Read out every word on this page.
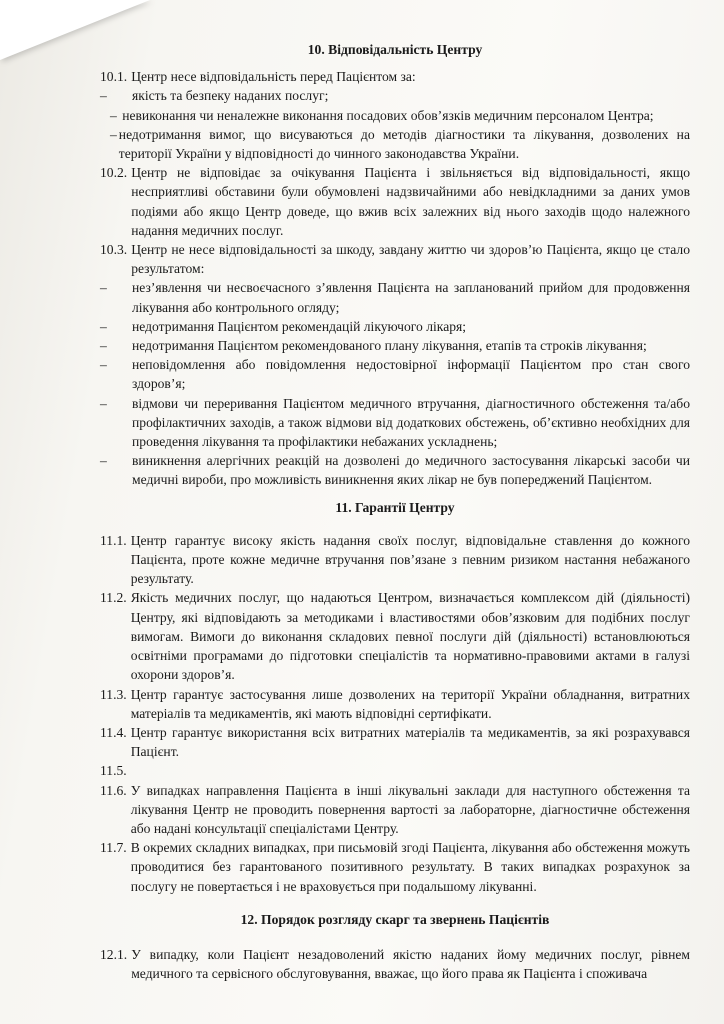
10. Відповідальність Центру
10.1. Центр несе відповідальність перед Пацієнтом за:
–	якість та безпеку наданих послуг;
– невиконання чи неналежне виконання посадових обов’язків медичним персоналом Центра;
– недотримання вимог, що висуваються до методів діагностики та лікування, дозволених на території України у відповідності до чинного законодавства України.
10.2. Центр не відповідає за очікування Пацієнта і звільняється від відповідальності, якщо несприятливі обставини були обумовлені надзвичайними або невідкладними за даних умов подіями або якщо Центр доведе, що вжив всіх залежних від нього заходів щодо належного надання медичних послуг.
10.3. Центр не несе відповідальності за шкоду, завдану життю чи здоров’ю Пацієнта, якщо це стало результатом:
–	нез’явлення чи несвоєчасного з’явлення Пацієнта на запланований прийом для продовження лікування або контрольного огляду;
–	недотримання Пацієнтом рекомендацій лікуючого лікаря;
–	недотримання Пацієнтом рекомендованого плану лікування, етапів та строків лікування;
–	неповідомлення або повідомлення недостовірної інформації Пацієнтом про стан свого здоров’я;
–	відмови чи переривання Пацієнтом медичного втручання, діагностичного обстеження та/або профілактичних заходів, а також відмови від додаткових обстежень, об’єктивно необхідних для проведення лікування та профілактики небажаних ускладнень;
–	виникнення алергічних реакцій на дозволені до медичного застосування лікарські засоби чи медичні вироби, про можливість виникнення яких лікар не був попереджений Пацієнтом.
11. Гарантії Центру
11.1. Центр гарантує високу якість надання своїх послуг, відповідальне ставлення до кожного Пацієнта, проте кожне медичне втручання пов’язане з певним ризиком настання небажаного результату.
11.2. Якість медичних послуг, що надаються Центром, визначається комплексом дій (діяльності) Центру, які відповідають за методиками і властивостями обов’язковим для подібних послуг вимогам. Вимоги до виконання складових певної послуги дій (діяльності) встановлюються освітніми програмами до підготовки спеціалістів та нормативно-правовими актами в галузі охорони здоров’я.
11.3. Центр гарантує застосування лише дозволених на території України обладнання, витратних матеріалів та медикаментів, які мають відповідні сертифікати.
11.4. Центр гарантує використання всіх витратних матеріалів та медикаментів, за які розрахувався Пацієнт.
11.5.
11.6. У випадках направлення Пацієнта в інші лікувальні заклади для наступного обстеження та лікування Центр не проводить повернення вартості за лабораторне, діагностичне обстеження або надані консультації спеціалістами Центру.
11.7. В окремих складних випадках, при письмовій згоді Пацієнта, лікування або обстеження можуть проводитися без гарантованого позитивного результату. В таких випадках розрахунок за послугу не повертається і не враховується при подальшому лікуванні.
12. Порядок розгляду скарг та звернень Пацієнтів
12.1. У випадку, коли Пацієнт незадоволений якістю наданих йому медичних послуг, рівнем медичного та сервісного обслуговування, вважає, що його права як Пацієнта і споживача
